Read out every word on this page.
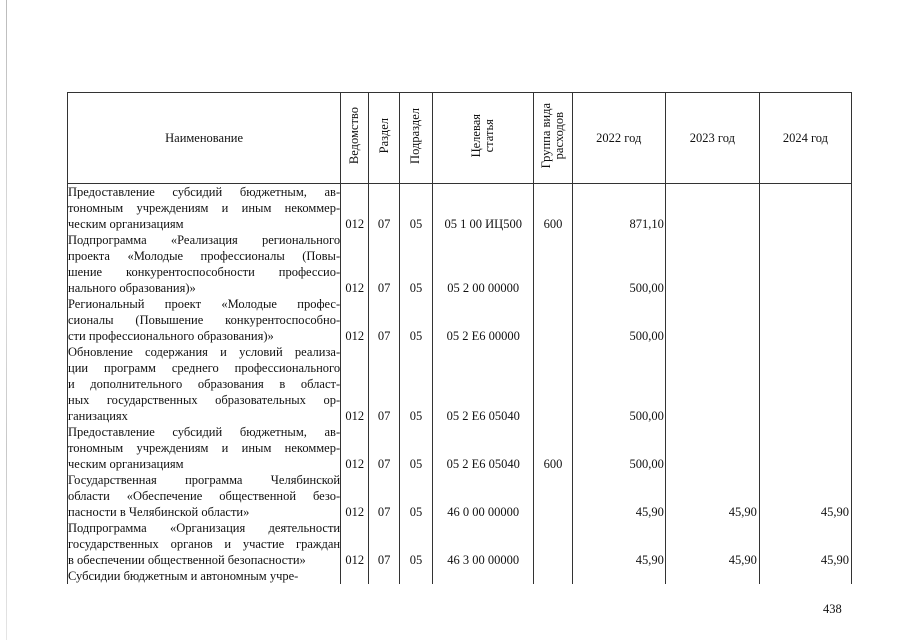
Наименование	Ведомство	Раздел	Подраздел	Целевая
статья	Группа вида
расходов	2022 год	2023 год	2024 год

Предоставление субсидий бюджетным, ав-
тономным учреждениям и иным некоммер-
ческим организациям	012	07	05	05 1 00 ИЦ500	600	871,10		

Подпрограмма «Реализация регионального
проекта «Молодые профессионалы (Повы-
шение конкурентоспособности профессио-
нального образования)»	012	07	05	05 2 00 00000		500,00		

Региональный проект «Молодые профес-
сионалы (Повышение конкурентоспособно-
сти профессионального образования)»	012	07	05	05 2 Е6 00000		500,00		

Обновление содержания и условий реализа-
ции программ среднего профессионального
и дополнительного образования в област-
ных государственных образовательных ор-
ганизациях	012	07	05	05 2 Е6 05040		500,00		

Предоставление субсидий бюджетным, ав-
тономным учреждениям и иным некоммер-
ческим организациям	012	07	05	05 2 Е6 05040	600	500,00		

Государственная программа Челябинской
области «Обеспечение общественной безо-
пасности в Челябинской области»	012	07	05	46 0 00 00000		45,90	45,90	45,90

Подпрограмма «Организация деятельности
государственных органов и участие граждан
в обеспечении общественной безопасности»	012	07	05	46 3 00 00000		45,90	45,90	45,90

Субсидии бюджетным и автономным учре-								

438
